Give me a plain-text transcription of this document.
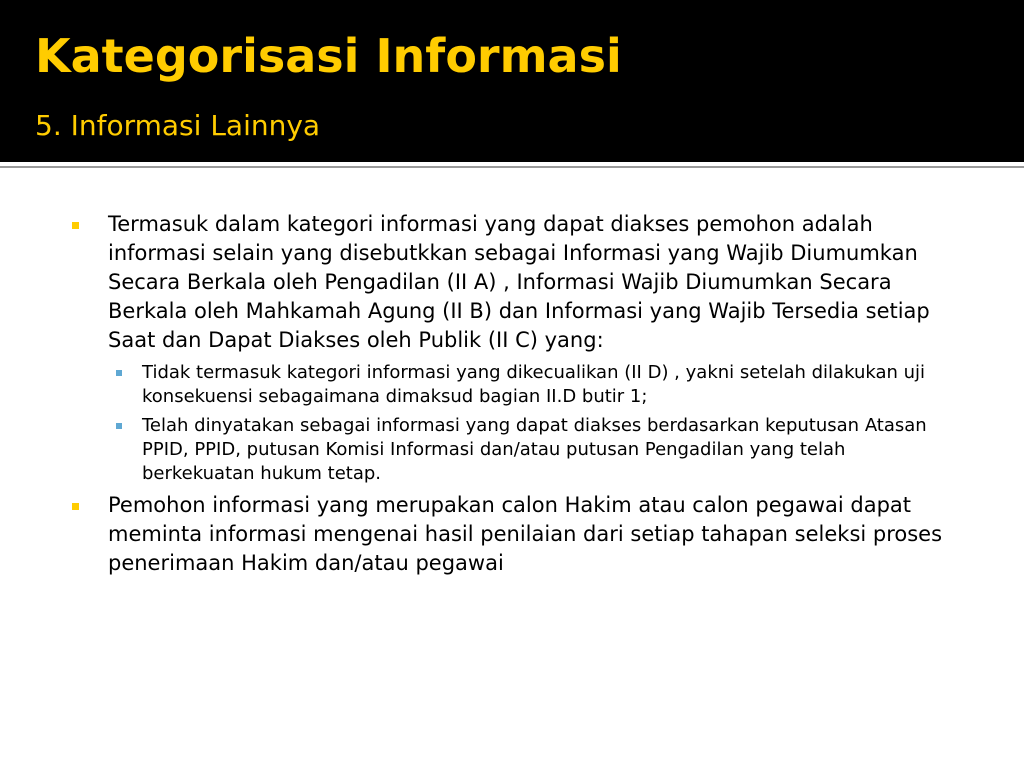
Kategorisasi Informasi
5. Informasi Lainnya
Termasuk dalam kategori informasi yang dapat diakses pemohon adalah informasi selain yang disebutkkan sebagai Informasi yang Wajib Diumumkan Secara Berkala oleh Pengadilan (II A) , Informasi Wajib Diumumkan Secara Berkala oleh Mahkamah Agung (II B) dan Informasi yang Wajib Tersedia setiap Saat dan Dapat Diakses oleh Publik (II C) yang:
Tidak termasuk kategori informasi yang dikecualikan (II D) , yakni setelah dilakukan uji konsekuensi sebagaimana dimaksud bagian II.D butir 1;
Telah dinyatakan sebagai informasi yang dapat diakses berdasarkan keputusan Atasan PPID, PPID, putusan Komisi Informasi dan/atau putusan Pengadilan yang telah berkekuatan hukum tetap.
Pemohon informasi yang merupakan calon Hakim atau calon pegawai dapat meminta informasi mengenai hasil penilaian dari setiap tahapan seleksi proses penerimaan Hakim dan/atau pegawai
